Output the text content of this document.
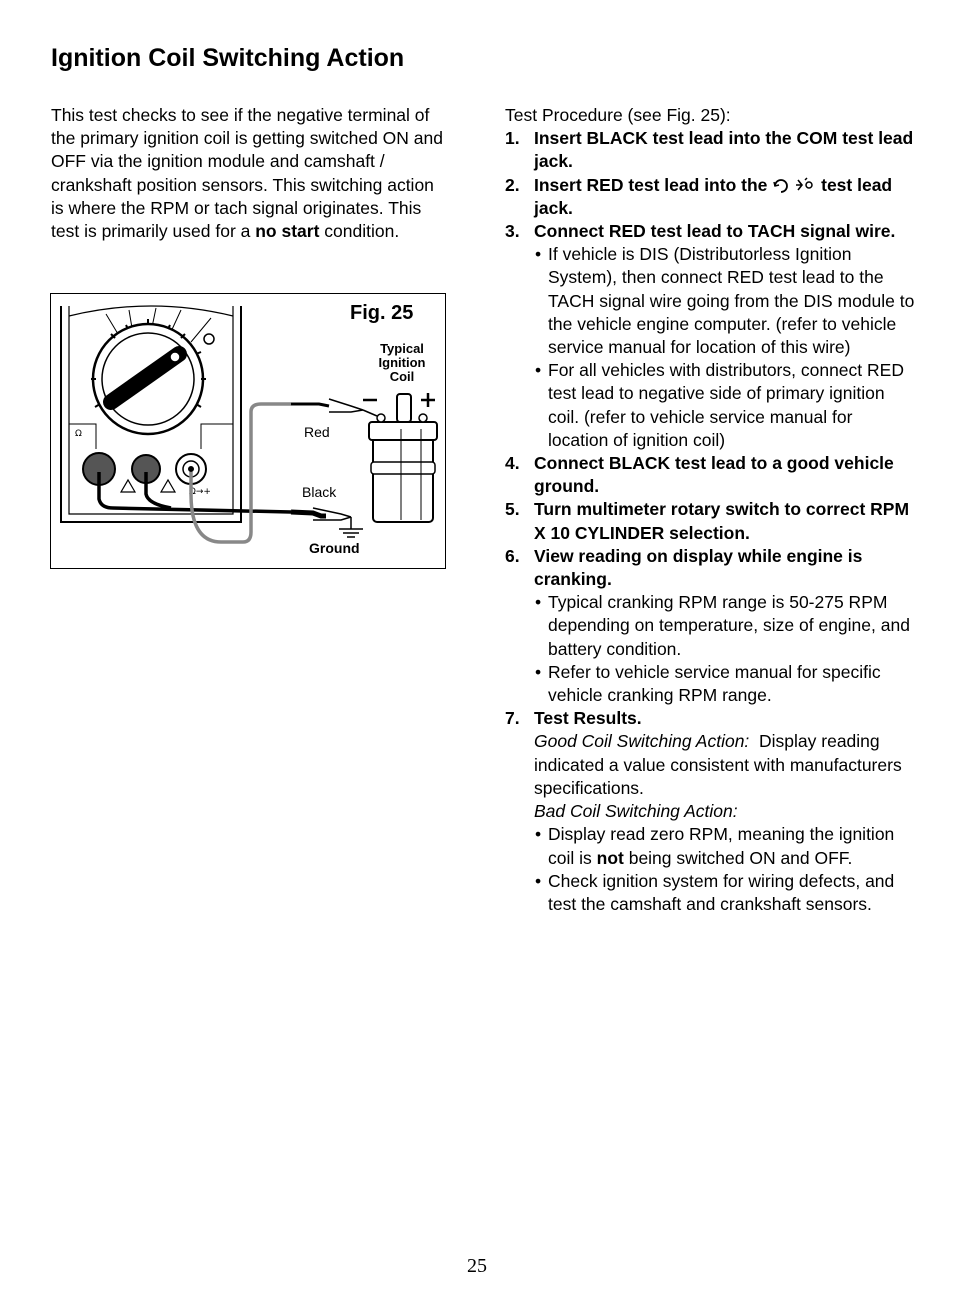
Ignition Coil Switching Action

This test checks to see if the negative terminal of the primary ignition coil is getting switched ON and OFF via the ignition module and camshaft / crankshaft position sensors. This switching action is where the RPM or tach signal originates. This test is primarily used for a no start condition.

Ω
Ω→+
Fig. 25
Typical
Ignition
Coil
Red
Black
Ground

Test Procedure (see Fig. 25):

1. Insert BLACK test lead into the COM test lead jack.
2. Insert RED test lead into the	test lead jack.
3. Connect RED test lead to TACH signal wire.
• If vehicle is DIS (Distributorless Ignition System), then connect RED test lead to the TACH signal wire going from the DIS module to the vehicle engine computer. (refer to vehicle service manual for location of this wire)
• For all vehicles with distributors, connect RED test lead to negative side of primary ignition coil. (refer to vehicle service manual for location of ignition coil)
4. Connect BLACK test lead to a good vehicle ground.
5. Turn multimeter rotary switch to correct RPM X 10 CYLINDER selection.
6. View reading on display while engine is cranking.
• Typical cranking RPM range is 50-275 RPM depending on temperature, size of engine, and battery condition.
• Refer to vehicle service manual for specific vehicle cranking RPM range.
7. Test Results.
Good Coil Switching Action:  Display reading indicated a value consistent with manufacturers specifications.
Bad Coil Switching Action:
• Display read zero RPM, meaning the ignition coil is not being switched ON and OFF.
• Check ignition system for wiring defects, and test the camshaft and crankshaft sensors.
25
